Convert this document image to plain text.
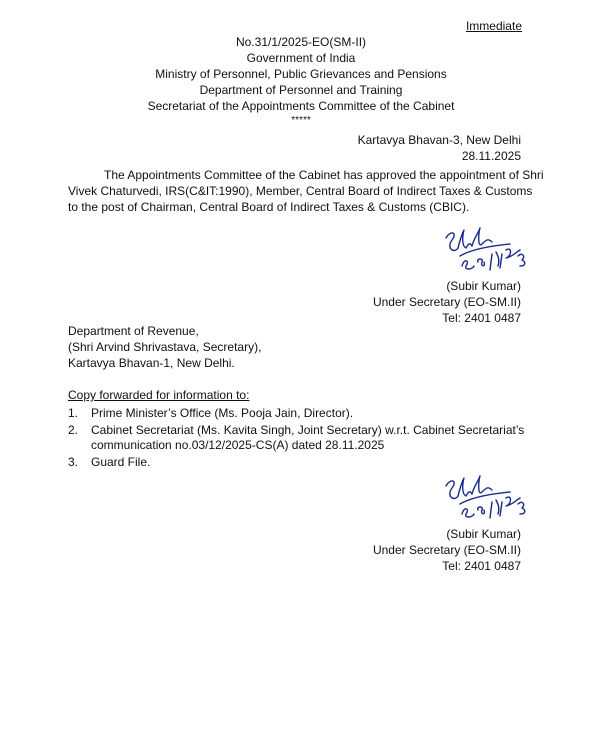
Immediate
No.31/1/2025-EO(SM-II)
Government of India
Ministry of Personnel, Public Grievances and Pensions
Department of Personnel and Training
Secretariat of the Appointments Committee of the Cabinet
*****
Kartavya Bhavan-3, New Delhi
28.11.2025
The Appointments Committee of the Cabinet has approved the appointment of Shri
Vivek Chaturvedi, IRS(C&IT:1990), Member, Central Board of Indirect Taxes & Customs
to the post of Chairman, Central Board of Indirect Taxes & Customs (CBIC).
(Subir Kumar)
Under Secretary (EO-SM.II)
Tel: 2401 0487
Department of Revenue,
(Shri Arvind Shrivastava, Secretary),
Kartavya Bhavan-1, New Delhi.
Copy forwarded for information to:
1. Prime Minister’s Office (Ms. Pooja Jain, Director).
2. Cabinet Secretariat (Ms. Kavita Singh, Joint Secretary) w.r.t. Cabinet Secretariat’s
communication no.03/12/2025-CS(A) dated 28.11.2025
3. Guard File.
(Subir Kumar)
Under Secretary (EO-SM.II)
Tel: 2401 0487
